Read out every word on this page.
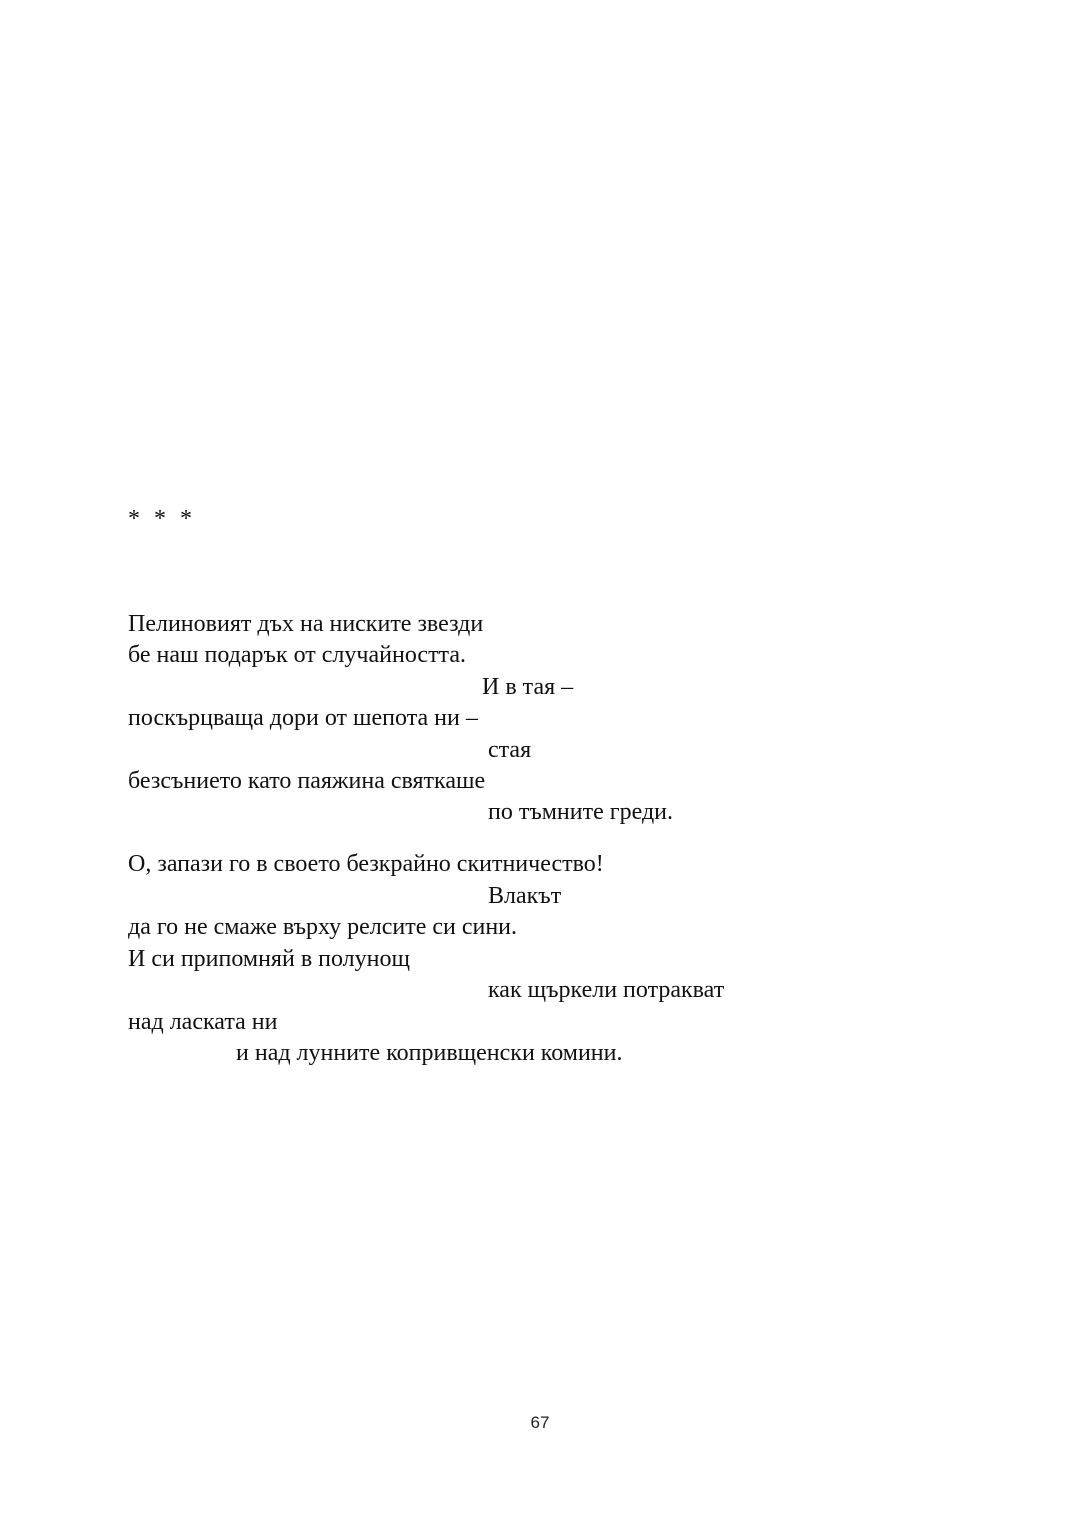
* * *
Пелиновият дъх на ниските звезди
бе наш подарък от случайността.
И в тая –
поскърцваща дори от шепота ни –
стая
безсънието като паяжина святкаше
по тъмните греди.
О, запази го в своето безкрайно скитничество!
Влакът
да го не смаже върху релсите си сини.
И си припомняй в полунощ
как щъркели потракват
над ласката ни
и над лунните копривщенски комини.
67
